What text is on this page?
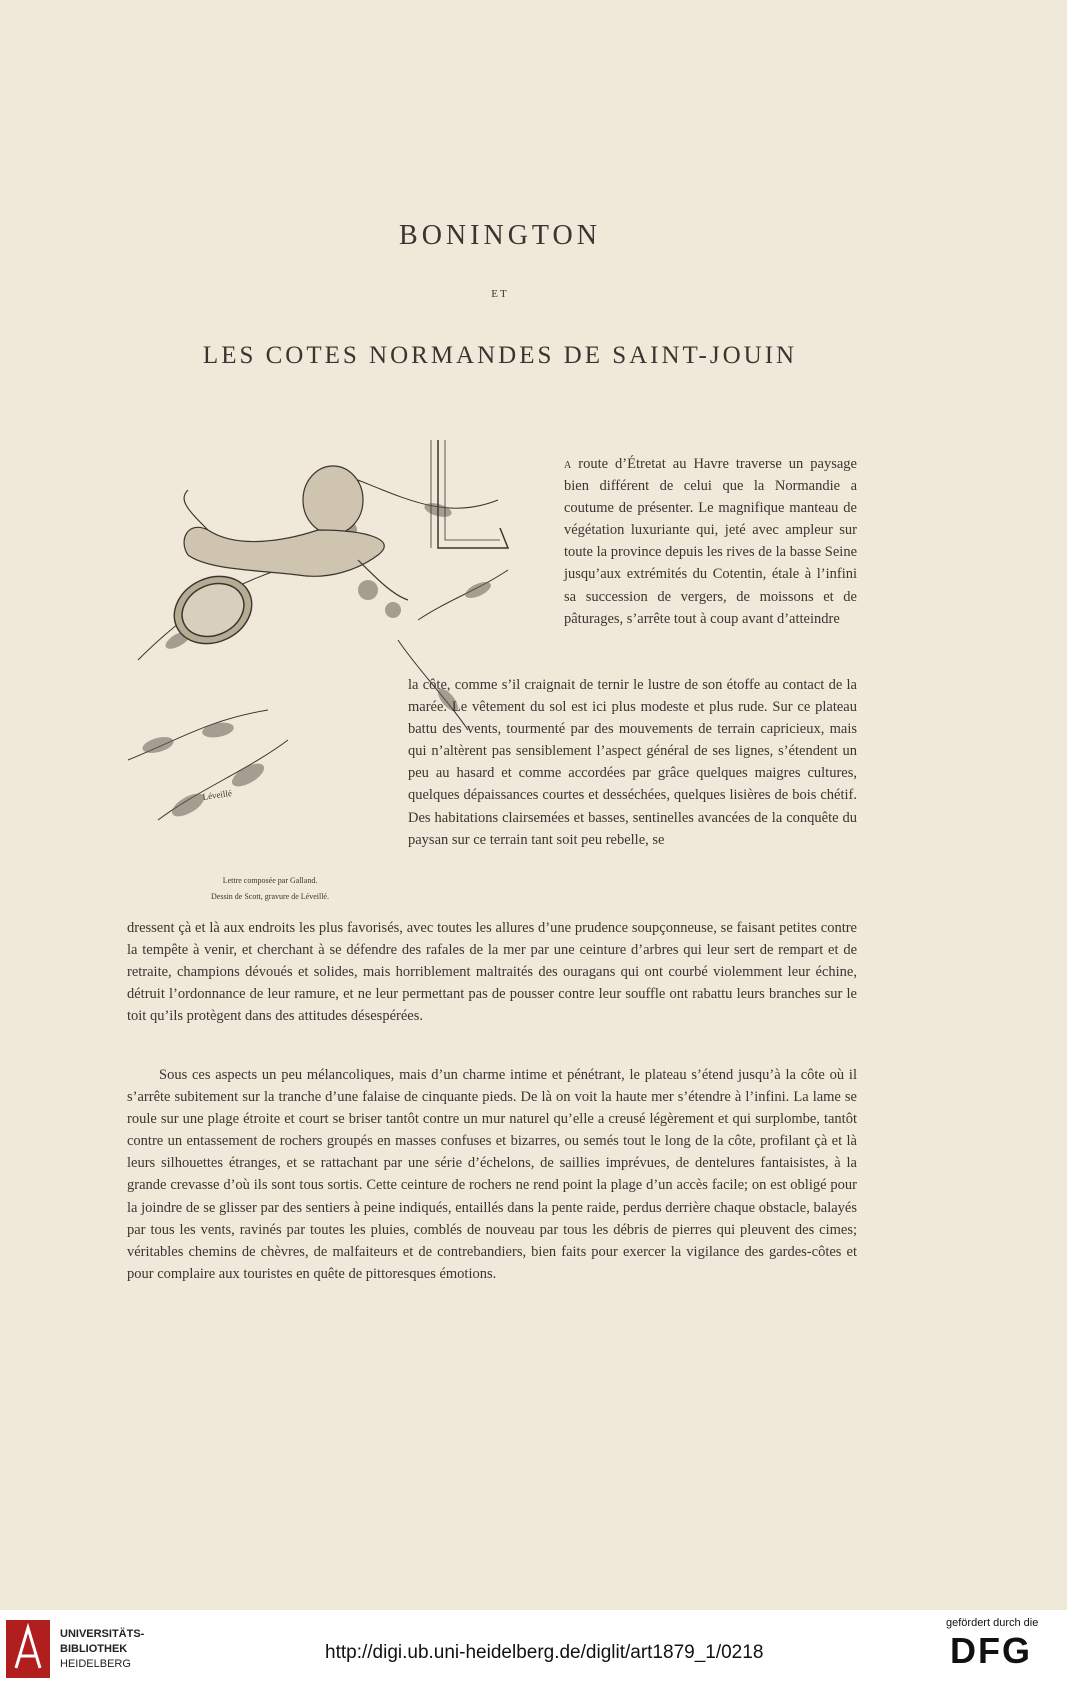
BONINGTON
ET
LES COTES NORMANDES DE SAINT-JOUIN
L
Léveillé
Lettre composée par Galland.
Dessin de Scott, gravure de Léveillé.

a route d’Étretat au Havre traverse un paysage bien différent de celui que la Normandie a coutume de présenter. Le magnifique manteau de végétation luxuriante qui, jeté avec ampleur sur toute la province depuis les rives de la basse Seine jusqu’aux extrémités du Cotentin, étale à l’infini sa succession de vergers, de moissons et de pâturages, s’arrête tout à coup avant d’atteindre

la côte, comme s’il craignait de ternir le lustre de son étoffe au contact de la marée. Le vêtement du sol est ici plus modeste et plus rude. Sur ce plateau battu des vents, tourmenté par des mouvements de terrain capricieux, mais qui n’altèrent pas sensiblement l’aspect général de ses lignes, s’étendent un peu au hasard et comme accordées par grâce quelques maigres cultures, quelques dépaissances courtes et desséchées, quelques lisières de bois chétif. Des habitations clairsemées et basses, sentinelles avancées de la conquête du paysan sur ce terrain tant soit peu rebelle, se

dressent çà et là aux endroits les plus favorisés, avec toutes les allures d’une prudence soupçonneuse, se faisant petites contre la tempête à venir, et cherchant à se défendre des rafales de la mer par une ceinture d’arbres qui leur sert de rempart et de retraite, champions dévoués et solides, mais horriblement maltraités des ouragans qui ont courbé violemment leur échine, détruit l’ordonnance de leur ramure, et ne leur permettant pas de pousser contre leur souffle ont rabattu leurs branches sur le toit qu’ils protègent dans des attitudes désespérées.

Sous ces aspects un peu mélancoliques, mais d’un charme intime et pénétrant, le plateau s’étend jusqu’à la côte où il s’arrête subitement sur la tranche d’une falaise de cinquante pieds. De là on voit la haute mer s’étendre à l’infini. La lame se roule sur une plage étroite et court se briser tantôt contre un mur naturel qu’elle a creusé légèrement et qui surplombe, tantôt contre un entassement de rochers groupés en masses confuses et bizarres, ou semés tout le long de la côte, profilant çà et là leurs silhouettes étranges, et se rattachant par une série d’échelons, de saillies imprévues, de dentelures fantaisistes, à la grande crevasse d’où ils sont tous sortis. Cette ceinture de rochers ne rend point la plage d’un accès facile; on est obligé pour la joindre de se glisser par des sentiers à peine indiqués, entaillés dans la pente raide, perdus derrière chaque obstacle, balayés par tous les vents, ravinés par toutes les pluies, comblés de nouveau par tous les débris de pierres qui pleuvent des cimes; véritables chemins de chèvres, de malfaiteurs et de contrebandiers, bien faits pour exercer la vigilance des gardes-côtes et pour complaire aux touristes en quête de pittoresques émotions.

UNIVERSITÄTS-
BIBLIOTHEK
HEIDELBERG
http://digi.ub.uni-heidelberg.de/diglit/art1879_1/0218
gefördert durch die
DFG
